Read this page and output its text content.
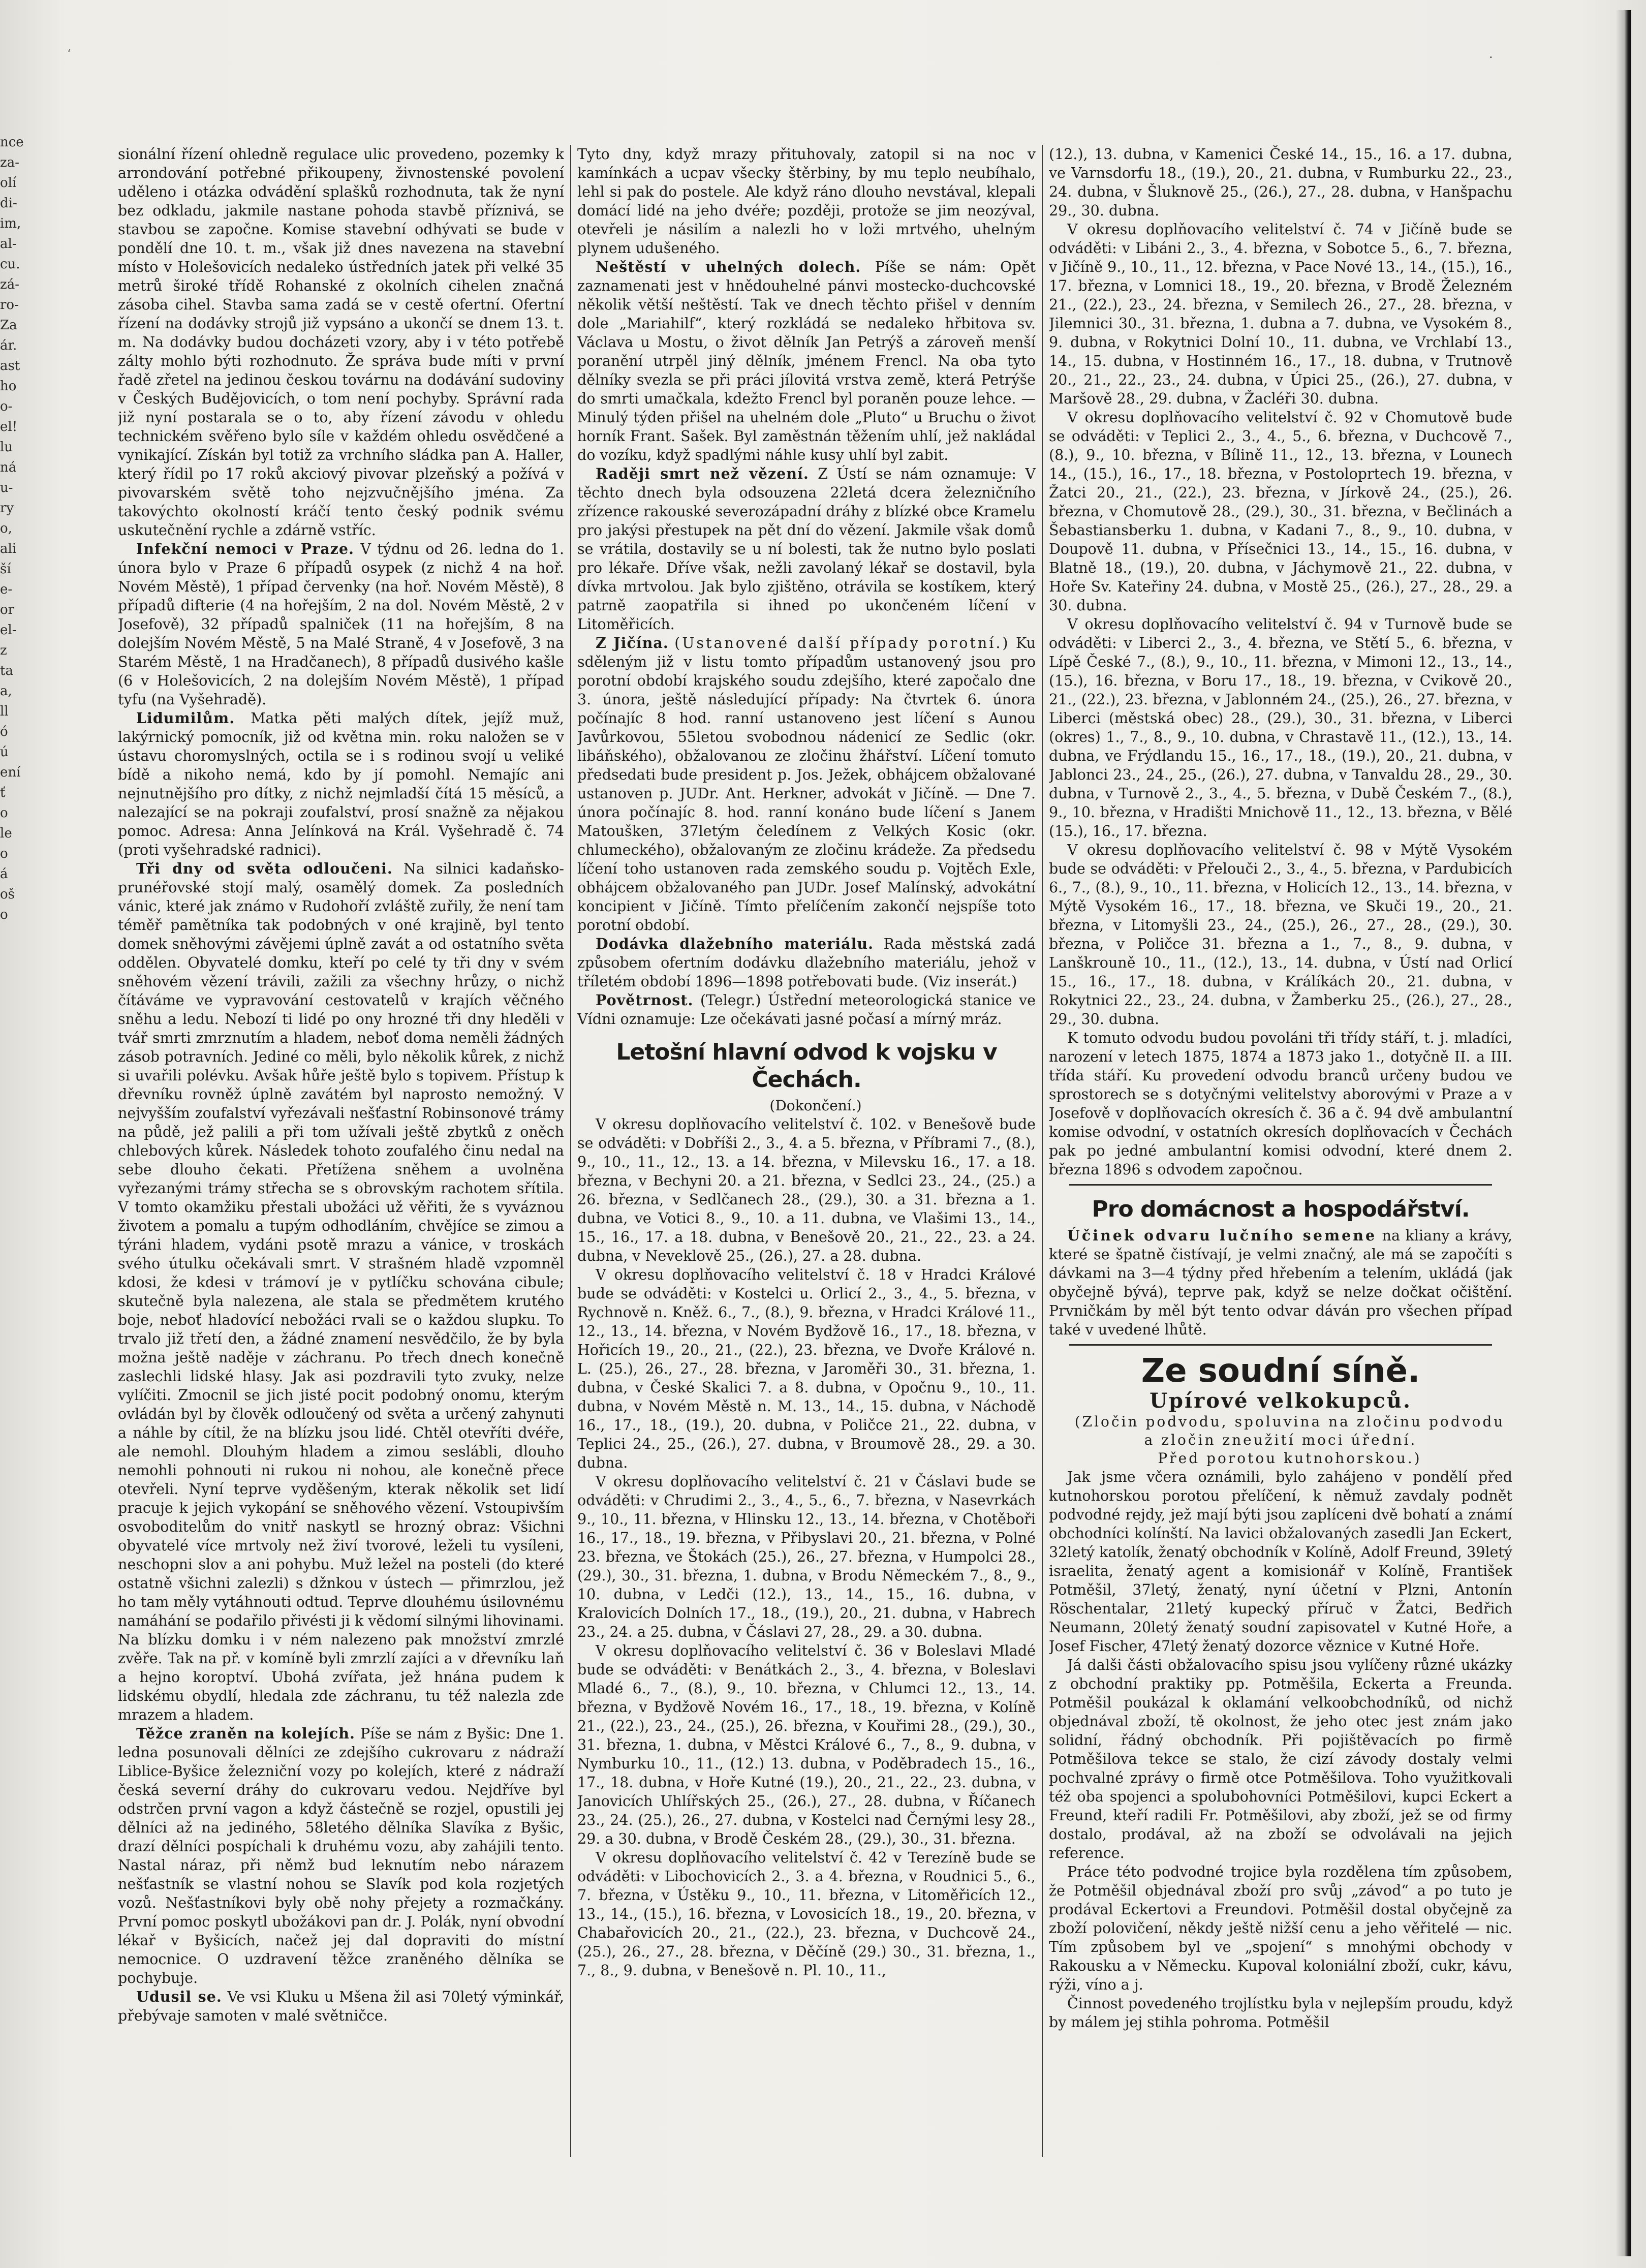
‘	.
nce
za-
olí
di-
im,
al-
cu.
zá-
ro-
Za
ár.
ast
ho
o-
el!
lu
ná
u-
ry
o,
ali
ší
e-
or
el-
z
ta
a,
ll
ó
ú
ení
ť
o
le
o
á
oš
o

sionální řízení ohledně regulace ulic provedeno, pozemky k arrondování potřebné přikoupeny, živnostenské povolení uděleno i otázka odvádění splašků rozhodnuta, tak že nyní bez odkladu, jakmile nastane pohoda stavbě příznivá, se stavbou se započne. Komise stavební odhývati se bude v pondělí dne 10. t. m., však již dnes navezena na stavební místo v Holešovicích nedaleko ústředních jatek při velké 35 metrů široké třídě Rohanské z okolních cihelen značná zásoba cihel. Stavba sama zadá se v cestě ofertní. Ofertní řízení na dodávky strojů již vypsáno a ukončí se dnem 13. t. m. Na dodávky budou docházeti vzory, aby i v této potřebě zálty mohlo býti rozhodnuto. Že správa bude míti v první řadě zřetel na jedinou českou továrnu na dodávání sudoviny v Českých Budějovicích, o tom není pochyby. Správní rada již nyní postarala se o to, aby řízení závodu v ohledu technickém svěřeno bylo síle v každém ohledu osvědčené a vynikající. Získán byl totiž za vrchního sládka pan A. Haller, který řídil po 17 roků akciový pivovar plzeňský a požívá v pivovarském světě toho nejzvučnějšího jména. Za takovýchto okolností kráčí tento český podnik svému uskutečnění rychle a zdárně vstříc.

Infekční nemoci v Praze. V týdnu od 26. ledna do 1. února bylo v Praze 6 případů osypek (z nichž 4 na hoř. Novém Městě), 1 případ červenky (na hoř. Novém Městě), 8 případů difterie (4 na hořejším, 2 na dol. Novém Městě, 2 v Josefově), 32 případů spalniček (11 na hořejším, 8 na dolejším Novém Městě, 5 na Malé Straně, 4 v Josefově, 3 na Starém Městě, 1 na Hradčanech), 8 případů dusivého kašle (6 v Holešovicích, 2 na dolejším Novém Městě), 1 případ tyfu (na Vyšehradě).

Lidumilům. Matka pěti malých dítek, jejíž muž, lakýrnický pomocník, již od května min. roku naložen se v ústavu choromyslných, octila se i s rodinou svojí u veliké bídě a nikoho nemá, kdo by jí pomohl. Nemajíc ani nejnutnějšího pro dítky, z nichž nejmladší čítá 15 měsíců, a nalezající se na pokraji zoufalství, prosí snažně za nějakou pomoc. Adresa: Anna Jelínková na Král. Vyšehradě č. 74 (proti vyšehradské radnici).

Tři dny od světa odloučeni. Na silnici kadaňsko-prunéřovské stojí malý, osamělý domek. Za posledních vánic, které jak známo v Rudohoří zvláště zuřily, že není tam téměř pamětníka tak podobných v oné krajině, byl tento domek sněhovými závějemi úplně zavát a od ostatního světa oddělen. Obyvatelé domku, kteří po celé ty tři dny v svém sněhovém vězení trávili, zažili za všechny hrůzy, o nichž čítáváme ve vypravování cestovatelů v krajích věčného sněhu a ledu. Nebozí ti lidé po ony hrozné tři dny hleděli v tvář smrti zmrznutím a hladem, neboť doma neměli žádných zásob potravních. Jediné co měli, bylo několik kůrek, z nichž si uvařili polévku. Avšak hůře ještě bylo s topivem. Přístup k dřevníku rovněž úplně zavátém byl naprosto nemožný. V nejvyšším zoufalství vyřezávali nešťastní Robinsonové trámy na půdě, jež palili a při tom užívali ještě zbytků z oněch chlebových kůrek. Následek tohoto zoufalého činu nedal na sebe dlouho čekati. Přetížena sněhem a uvolněna vyřezanými trámy střecha se s obrovským rachotem sřítila. V tomto okamžiku přestali ubožáci už věřiti, že s vyváznou životem a pomalu a tupým odhodláním, chvějíce se zimou a týráni hladem, vydáni psotě mrazu a vánice, v troskách svého útulku očekávali smrt. V strašném hladě vzpomněl kdosi, že kdesi v trámoví je v pytlíčku schována cibule; skutečně byla nalezena, ale stala se předmětem krutého boje, neboť hladovící nebožáci rvali se o každou slupku. To trvalo již třetí den, a žádné znamení nesvědčilo, že by byla možna ještě naděje v záchranu. Po třech dnech konečně zaslechli lidské hlasy. Jak asi pozdravili tyto zvuky, nelze vylíčiti. Zmocnil se jich jisté pocit podobný onomu, kterým ovládán byl by člověk odloučený od světa a určený zahynuti a náhle by cítil, že na blízku jsou lidé. Chtěl otevříti dvéře, ale nemohl. Dlouhým hladem a zimou seslábli, dlouho nemohli pohnouti ni rukou ni nohou, ale konečně přece otevřeli. Nyní teprve vyděšeným, kterak několik set lidí pracuje k jejich vykopání se sněhového vězení. Vstoupivším osvoboditelům do vnitř naskytl se hrozný obraz: Všichni obyvatelé více mrtvoly než živí tvorové, leželi tu vysíleni, neschopni slov a ani pohybu. Muž ležel na posteli (do které ostatně všichni zalezli) s džnkou v ústech — přimrzlou, jež ho tam měly vytáhnouti odtud. Teprve dlouhému úsilovnému namáhání se podařilo přivésti ji k vědomí silnými lihovinami. Na blízku domku i v ném nalezeno pak množství zmrzlé zvěře. Tak na př. v komíně byli zmrzlí zajíci a v dřevníku laň a hejno koroptví. Ubohá zvířata, jež hnána pudem k lidskému obydlí, hledala zde záchranu, tu též nalezla zde mrazem a hladem.

Těžce zraněn na kolejích. Píše se nám z Byšic: Dne 1. ledna posunovali dělníci ze zdejšího cukrovaru z nádraží Liblice-Byšice železniční vozy po kolejích, které z nádraží česká severní dráhy do cukrovaru vedou. Nejdříve byl odstrčen první vagon a když částečně se rozjel, opustili jej dělníci až na jediného, 58letého dělníka Slavíka z Byšic, drazí dělníci pospíchali k druhému vozu, aby zahájili tento. Nastal náraz, při němž bud leknutím nebo nárazem nešťastník se vlastní nohou se Slavík pod kola rozjetých vozů. Nešťastníkovi byly obě nohy přejety a rozmačkány. První pomoc poskytl ubožákovi pan dr. J. Polák, nyní obvodní lékař v Byšicích, načež jej dal dopraviti do místní nemocnice. O uzdravení těžce zraněného dělníka se pochybuje.

Udusil se. Ve vsi Kluku u Mšena žil asi 70letý výminkář, přebývaje samoten v malé světničce.

Tyto dny, když mrazy přituhovaly, zatopil si na noc v kamínkách a ucpav všecky štěrbiny, by mu teplo neubíhalo, lehl si pak do postele. Ale když ráno dlouho nevstával, klepali domácí lidé na jeho dvéře; později, protože se jim neozýval, otevřeli je násilím a nalezli ho v loži mrtvého, uhelným plynem udušeného.

Neštěstí v uhelných dolech. Píše se nám: Opět zaznamenati jest v hnědouhelné pánvi mostecko-duchcovské několik větší neštěstí. Tak ve dnech těchto přišel v denním dole „Mariahilf“, který rozkládá se nedaleko hřbitova sv. Václava u Mostu, o život dělník Jan Petrýš a zároveň menší poranění utrpěl jiný dělník, jménem Frencl. Na oba tyto dělníky svezla se při práci jílovitá vrstva země, která Petrýše do smrti umačkala, kdežto Frencl byl poraněn pouze lehce. — Minulý týden přišel na uhelném dole „Pluto“ u Bruchu o život horník Frant. Sašek. Byl zaměstnán těžením uhlí, jež nakládal do vozíku, když spadlými náhle kusy uhlí byl zabit.

Raději smrt než vězení. Z Ústí se nám oznamuje: V těchto dnech byla odsouzena 22letá dcera železničního zřízence rakouské severozápadní dráhy z blízké obce Kramelu pro jakýsi přestupek na pět dní do vězení. Jakmile však domů se vrátila, dostavily se u ní bolesti, tak že nutno bylo poslati pro lékaře. Dříve však, nežli zavolaný lékař se dostavil, byla dívka mrtvolou. Jak bylo zjištěno, otrávila se kostíkem, který patrně zaopatřila si ihned po ukončeném líčení v Litoměřicích.

Z Jičína. (Ustanovené další případy porotní.) Ku sděleným již v listu tomto případům ustanovený jsou pro porotní období krajského soudu zdejšího, které započalo dne 3. února, ještě následující případy: Na čtvrtek 6. února počínajíc 8 hod. ranní ustanoveno jest líčení s Aunou Javůrkovou, 55letou svobodnou nádenicí ze Sedlic (okr. libáňského), obžalovanou ze zločinu žhářství. Líčení tomuto předsedati bude president p. Jos. Ježek, obhájcem obžalované ustanoven p. JUDr. Ant. Herkner, advokát v Jičíně. — Dne 7. února počínajíc 8. hod. ranní konáno bude líčení s Janem Matoušken, 37letým čeledínem z Velkých Kosic (okr. chlumeckého), obžalovaným ze zločinu krádeže. Za předsedu líčení toho ustanoven rada zemského soudu p. Vojtěch Exle, obhájcem obžalovaného pan JUDr. Josef Malínský, advokátní koncipient v Jičíně. Tímto přelíčením zakončí nejspíše toto porotní období.

Dodávka dlažebního materiálu. Rada městská zadá způsobem ofertním dodávku dlažebního materiálu, jehož v tříletém období 1896—1898 potřebovati bude. (Viz inserát.)

Povětrnost. (Telegr.) Ústřední meteorologická stanice ve Vídni oznamuje: Lze očekávati jasné počasí a mírný mráz.

Letošní hlavní odvod k vojsku v Čechách.

(Dokončení.)

V okresu doplňovacího velitelství č. 102. v Benešově bude se odváděti: v Dobříši 2., 3., 4. a 5. března, v Příbrami 7., (8.), 9., 10., 11., 12., 13. a 14. března, v Milevsku 16., 17. a 18. března, v Bechyni 20. a 21. března, v Sedlci 23., 24., (25.) a 26. března, v Sedlčanech 28., (29.), 30. a 31. března a 1. dubna, ve Votici 8., 9., 10. a 11. dubna, ve Vlašimi 13., 14., 15., 16., 17. a 18. dubna, v Benešově 20., 21., 22., 23. a 24. dubna, v Neveklově 25., (26.), 27. a 28. dubna.

V okresu doplňovacího velitelství č. 18 v Hradci Králové bude se odváděti: v Kostelci u. Orlicí 2., 3., 4., 5. března, v Rychnově n. Kněž. 6., 7., (8.), 9. března, v Hradci Králové 11., 12., 13., 14. března, v Novém Bydžově 16., 17., 18. března, v Hořicích 19., 20., 21., (22.), 23. března, ve Dvoře Králové n. L. (25.), 26., 27., 28. března, v Jaroměři 30., 31. března, 1. dubna, v České Skalici 7. a 8. dubna, v Opočnu 9., 10., 11. dubna, v Novém Městě n. M. 13., 14., 15. dubna, v Náchodě 16., 17., 18., (19.), 20. dubna, v Poličce 21., 22. dubna, v Teplici 24., 25., (26.), 27. dubna, v Broumově 28., 29. a 30. dubna.

V okresu doplňovacího velitelství č. 21 v Čáslavi bude se odváděti: v Chrudimi 2., 3., 4., 5., 6., 7. března, v Nasevrkách 9., 10., 11. března, v Hlinsku 12., 13., 14. března, v Chotěboři 16., 17., 18., 19. března, v Přibyslavi 20., 21. března, v Polné 23. března, ve Štokách (25.), 26., 27. března, v Humpolci 28., (29.), 30., 31. března, 1. dubna, v Brodu Německém 7., 8., 9., 10. dubna, v Ledči (12.), 13., 14., 15., 16. dubna, v Kralovicích Dolních 17., 18., (19.), 20., 21. dubna, v Habrech 23., 24. a 25. dubna, v Čáslavi 27, 28., 29. a 30. dubna.

V okresu doplňovacího velitelství č. 36 v Boleslavi Mladé bude se odváděti: v Benátkách 2., 3., 4. března, v Boleslavi Mladé 6., 7., (8.), 9., 10. března, v Chlumci 12., 13., 14. března, v Bydžově Novém 16., 17., 18., 19. března, v Kolíně 21., (22.), 23., 24., (25.), 26. března, v Kouřimi 28., (29.), 30., 31. března, 1. dubna, v Městci Králové 6., 7., 8., 9. dubna, v Nymburku 10., 11., (12.) 13. dubna, v Poděbradech 15., 16., 17., 18. dubna, v Hoře Kutné (19.), 20., 21., 22., 23. dubna, v Janovicích Uhlířských 25., (26.), 27., 28. dubna, v Říčanech 23., 24. (25.), 26., 27. dubna, v Kostelci nad Černými lesy 28., 29. a 30. dubna, v Brodě Českém 28., (29.), 30., 31. března.

V okresu doplňovacího velitelství č. 42 v Terezíně bude se odváděti: v Libochovicích 2., 3. a 4. března, v Roudnici 5., 6., 7. března, v Ústěku 9., 10., 11. března, v Litoměřicích 12., 13., 14., (15.), 16. března, v Lovosicích 18., 19., 20. března, v Chabařovicích 20., 21., (22.), 23. března, v Duchcově 24., (25.), 26., 27., 28. března, v Děčíně (29.) 30., 31. března, 1., 7., 8., 9. dubna, v Benešově n. Pl. 10., 11.,

(12.), 13. dubna, v Kamenici České 14., 15., 16. a 17. dubna, ve Varnsdorfu 18., (19.), 20., 21. dubna, v Rumburku 22., 23., 24. dubna, v Šluknově 25., (26.), 27., 28. dubna, v Hanšpachu 29., 30. dubna.

V okresu doplňovacího velitelství č. 74 v Jičíně bude se odváděti: v Libáni 2., 3., 4. března, v Sobotce 5., 6., 7. března, v Jičíně 9., 10., 11., 12. března, v Pace Nové 13., 14., (15.), 16., 17. března, v Lomnici 18., 19., 20. března, v Brodě Železném 21., (22.), 23., 24. března, v Semilech 26., 27., 28. března, v Jilemnici 30., 31. března, 1. dubna a 7. dubna, ve Vysokém 8., 9. dubna, v Rokytnici Dolní 10., 11. dubna, ve Vrchlabí 13., 14., 15. dubna, v Hostinném 16., 17., 18. dubna, v Trutnově 20., 21., 22., 23., 24. dubna, v Úpici 25., (26.), 27. dubna, v Maršově 28., 29. dubna, v Žacléři 30. dubna.

V okresu doplňovacího velitelství č. 92 v Chomutově bude se odváděti: v Teplici 2., 3., 4., 5., 6. března, v Duchcově 7., (8.), 9., 10. března, v Bílině 11., 12., 13. března, v Lounech 14., (15.), 16., 17., 18. března, v Postoloprtech 19. března, v Žatci 20., 21., (22.), 23. března, v Jírkově 24., (25.), 26. března, v Chomutově 28., (29.), 30., 31. března, v Bečlinách a Šebastiansberku 1. dubna, v Kadani 7., 8., 9., 10. dubna, v Doupově 11. dubna, v Přísečnici 13., 14., 15., 16. dubna, v Blatně 18., (19.), 20. dubna, v Jáchymově 21., 22. dubna, v Hoře Sv. Kateřiny 24. dubna, v Mostě 25., (26.), 27., 28., 29. a 30. dubna.

V okresu doplňovacího velitelství č. 94 v Turnově bude se odváděti: v Liberci 2., 3., 4. března, ve Stětí 5., 6. března, v Lípě České 7., (8.), 9., 10., 11. března, v Mimoni 12., 13., 14., (15.), 16. března, v Boru 17., 18., 19. března, v Cvikově 20., 21., (22.), 23. března, v Jablonném 24., (25.), 26., 27. března, v Liberci (městská obec) 28., (29.), 30., 31. března, v Liberci (okres) 1., 7., 8., 9., 10. dubna, v Chrastavě 11., (12.), 13., 14. dubna, ve Frýdlandu 15., 16., 17., 18., (19.), 20., 21. dubna, v Jablonci 23., 24., 25., (26.), 27. dubna, v Tanvaldu 28., 29., 30. dubna, v Turnově 2., 3., 4., 5. března, v Dubě Českém 7., (8.), 9., 10. března, v Hradišti Mnichově 11., 12., 13. března, v Bělé (15.), 16., 17. března.

V okresu doplňovacího velitelství č. 98 v Mýtě Vysokém bude se odváděti: v Přelouči 2., 3., 4., 5. března, v Pardubicích 6., 7., (8.), 9., 10., 11. března, v Holicích 12., 13., 14. března, v Mýtě Vysokém 16., 17., 18. března, ve Skuči 19., 20., 21. března, v Litomyšli 23., 24., (25.), 26., 27., 28., (29.), 30. března, v Poličce 31. března a 1., 7., 8., 9. dubna, v Lanškrouně 10., 11., (12.), 13., 14. dubna, v Ústí nad Orlicí 15., 16., 17., 18. dubna, v Králíkách 20., 21. dubna, v Rokytnici 22., 23., 24. dubna, v Žamberku 25., (26.), 27., 28., 29., 30. dubna.

K tomuto odvodu budou povoláni tři třídy stáří, t. j. mladíci, narození v letech 1875, 1874 a 1873 jako 1., dotyčně II. a III. třída stáří. Ku provedení odvodu branců určeny budou ve sprostorech se s dotyčnými velitelstvy aborovými v Praze a v Josefově v doplňovacích okresích č. 36 a č. 94 dvě ambulantní komise odvodní, v ostatních okresích doplňovacích v Čechách pak po jedné ambulantní komisi odvodní, které dnem 2. března 1896 s odvodem započnou.

Pro domácnost a hospodářství.

Účinek odvaru lučního semene na kliany a krávy, které se špatně čistívají, je velmi značný, ale má se započíti s dávkami na 3—4 týdny před hřebením a telením, ukládá (jak obyčejně bývá), teprve pak, když se nelze dočkat očištění. Prvničkám by měl být tento odvar dáván pro všechen případ také v uvedené lhůtě.

Ze soudní síně.
Upírové velkokupců.

(Zločin podvodu, spoluvina na zločinu podvodu a zločin zneužití moci úřední.

Před porotou kutnohorskou.)

Jak jsme včera oznámili, bylo zahájeno v pondělí před kutnohorskou porotou přelíčení, k němuž zavdaly podnět podvodné rejdy, jež mají býti jsou zaplíceni dvě bohatí a známí obchodníci kolínští. Na lavici obžalovaných zasedli Jan Eckert, 32letý katolík, ženatý obchodník v Kolíně, Adolf Freund, 39letý israelita, ženatý agent a komisionář v Kolíně, František Potměšil, 37letý, ženatý, nyní účetní v Plzni, Antonín Röschentalar, 21letý kupecký příruč v Žatci, Bedřich Neumann, 20letý ženatý soudní zapisovatel v Kutné Hoře, a Josef Fischer, 47letý ženatý dozorce věznice v Kutné Hoře.

Já dalši části obžalovacího spisu jsou vylíčeny různé ukázky z obchodní praktiky pp. Potměšila, Eckerta a Freunda. Potměšil poukázal k oklamání velkoobchodníků, od nichž objednával zboží, tě okolnost, že jeho otec jest znám jako solidní, řádný obchodník. Při pojištěvacích po firmě Potměšilova tekce se stalo, že cizí závody dostaly velmi pochvalné zprávy o firmě otce Potměšilova. Toho využitkovali též oba spojenci a spolubohovníci Potměšilovi, kupci Eckert a Freund, kteří radili Fr. Potměšilovi, aby zboží, jež se od firmy dostalo, prodával, až na zboží se odvolávali na jejich reference.

Práce této podvodné trojice byla rozdělena tím způsobem, že Potměšil objednával zboží pro svůj „závod“ a po tuto je prodával Eckertovi a Freundovi. Potměšil dostal obyčejně za zboží polovičení, někdy ještě nižší cenu a jeho věřitelé — nic. Tím způsobem byl ve „spojení“ s mnohými obchody v Rakousku a v Německu. Kupoval koloniální zboží, cukr, kávu, rýži, víno a j.

Činnost povedeného trojlístku byla v nejlepším proudu, když by málem jej stihla pohroma. Potměšil
